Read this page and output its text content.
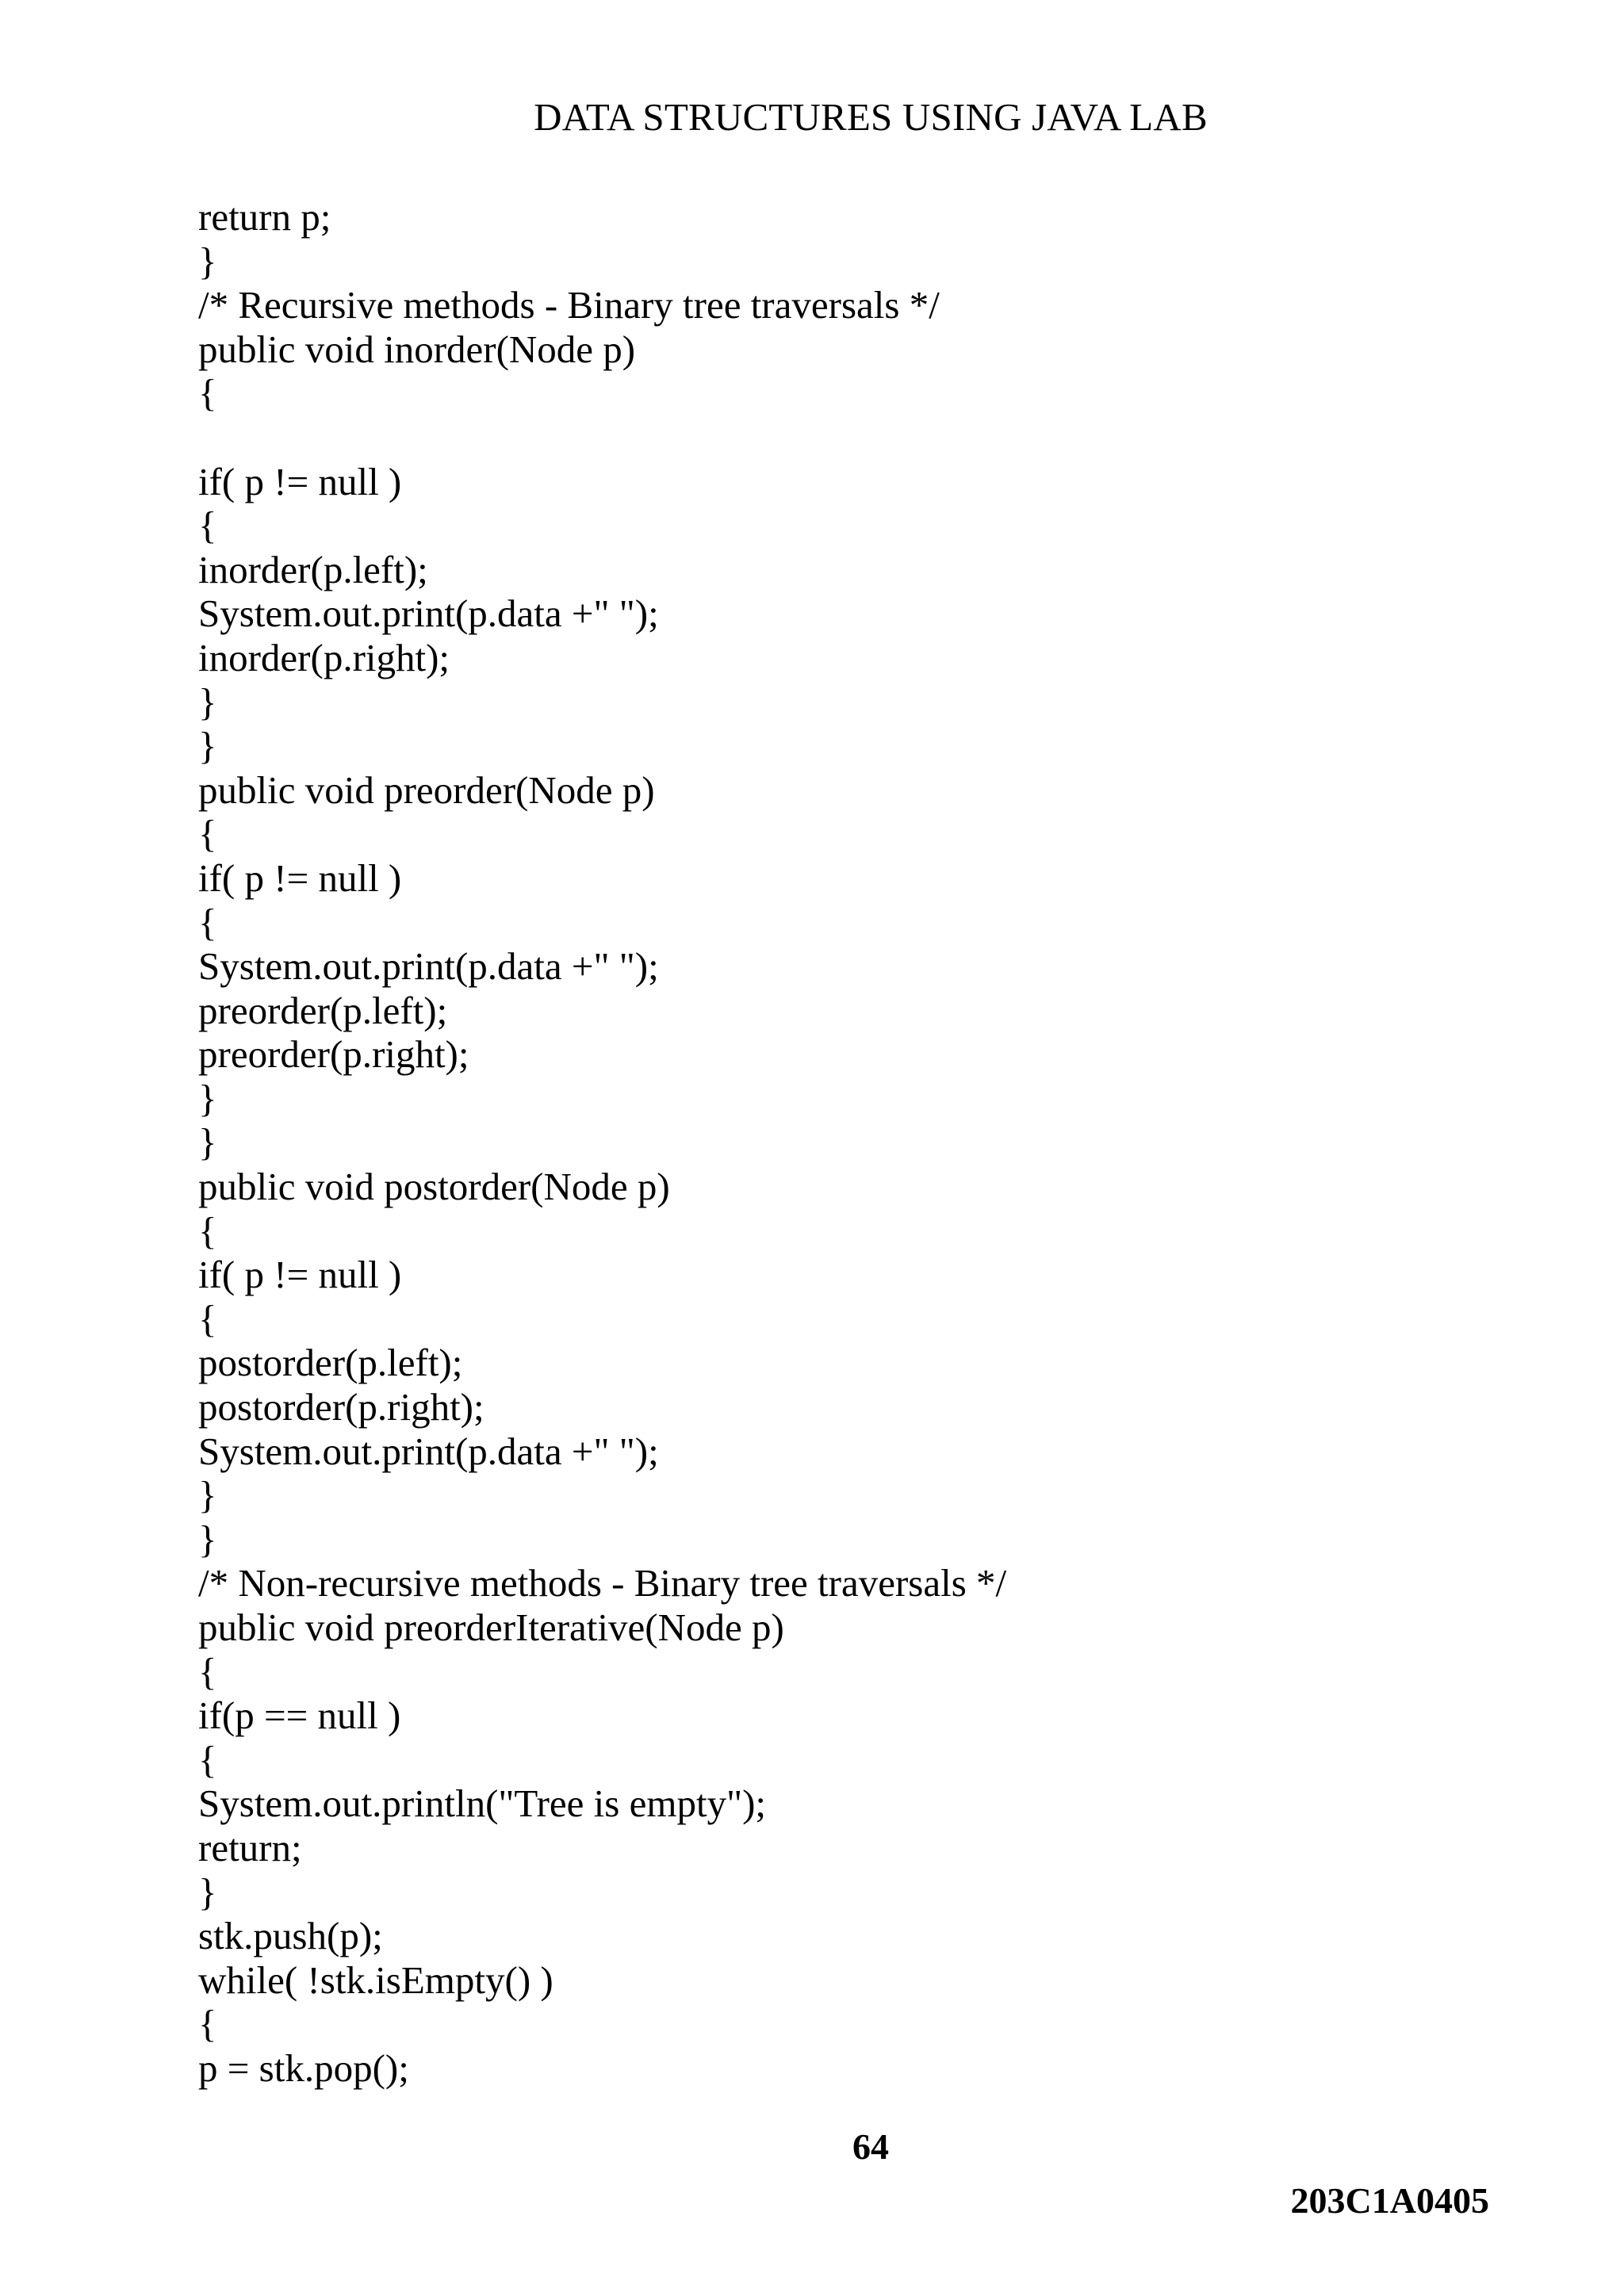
DATA STRUCTURES USING JAVA LAB
return p;
}
/* Recursive methods - Binary tree traversals */
public void inorder(Node p)
{
if( p != null )
{
inorder(p.left);
System.out.print(p.data +" ");
inorder(p.right);
}
}
public void preorder(Node p)
{
if( p != null )
{
System.out.print(p.data +" ");
preorder(p.left);
preorder(p.right);
}
}
public void postorder(Node p)
{
if( p != null )
{
postorder(p.left);
postorder(p.right);
System.out.print(p.data +" ");
}
}
/* Non-recursive methods - Binary tree traversals */
public void preorderIterative(Node p)
{
if(p == null )
{
System.out.println("Tree is empty");
return;
}
stk.push(p);
while( !stk.isEmpty() )
{
p = stk.pop();
64
203C1A0405
